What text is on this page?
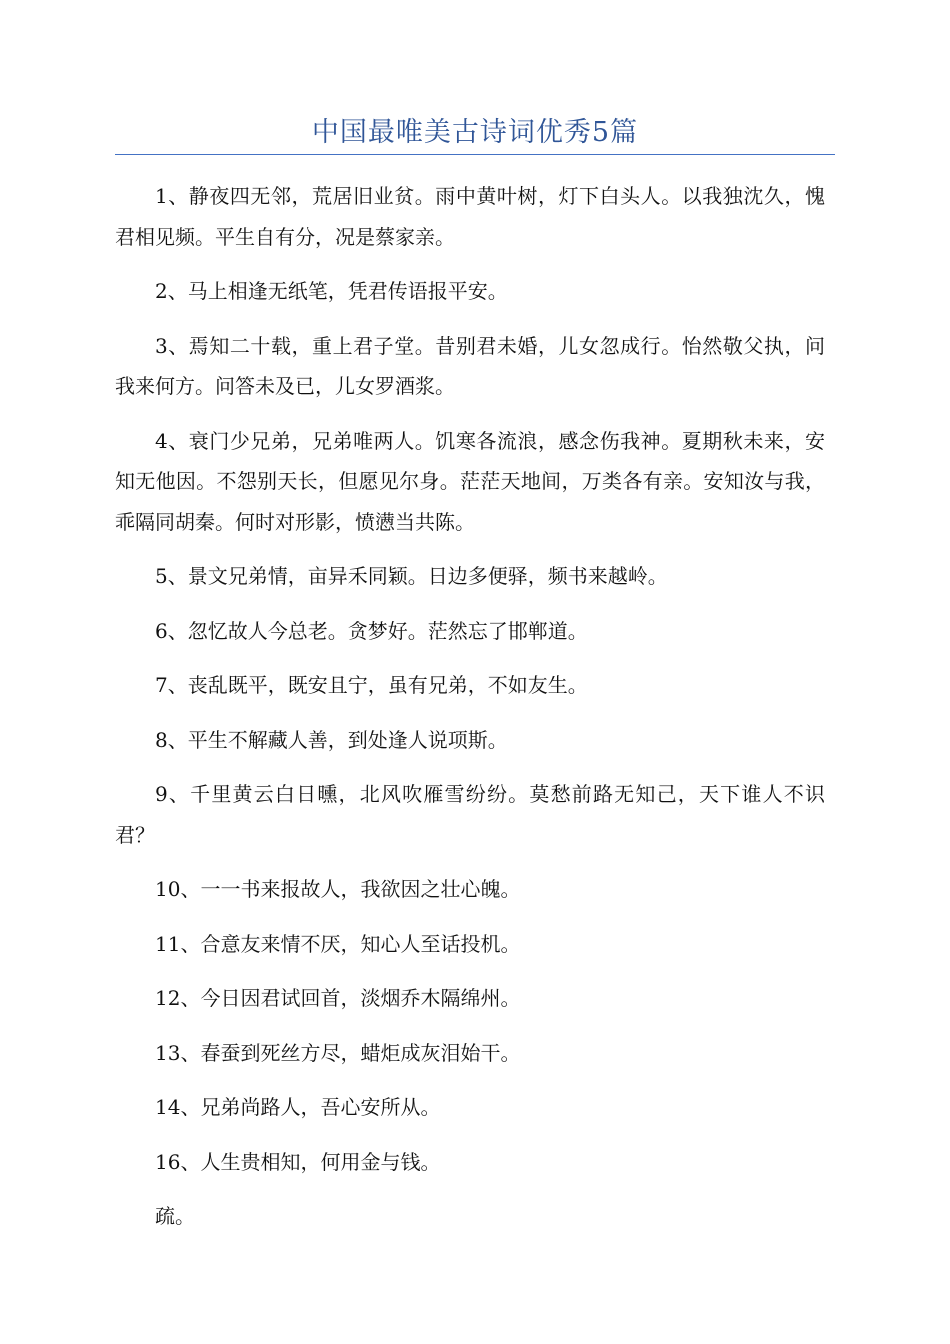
中国最唯美古诗词优秀5篇

1、静夜四无邻，荒居旧业贫。雨中黄叶树，灯下白头人。以我独沈久，愧君相见频。平生自有分，况是蔡家亲。

2、马上相逢无纸笔，凭君传语报平安。

3、焉知二十载，重上君子堂。昔别君未婚，儿女忽成行。怡然敬父执，问我来何方。问答未及已，儿女罗酒浆。

4、衰门少兄弟，兄弟唯两人。饥寒各流浪，感念伤我神。夏期秋未来，安知无他因。不怨别天长，但愿见尔身。茫茫天地间，万类各有亲。安知汝与我，乖隔同胡秦。何时对形影，愤懑当共陈。

5、景文兄弟情，亩异禾同颖。日边多便驿，频书来越岭。

6、忽忆故人今总老。贪梦好。茫然忘了邯郸道。

7、丧乱既平，既安且宁，虽有兄弟，不如友生。

8、平生不解藏人善，到处逢人说项斯。

9、千里黄云白日曛，北风吹雁雪纷纷。莫愁前路无知己，天下谁人不识君？

10、一一书来报故人，我欲因之壮心魄。

11、合意友来情不厌，知心人至话投机。

12、今日因君试回首，淡烟乔木隔绵州。

13、春蚕到死丝方尽，蜡炬成灰泪始干。

14、兄弟尚路人，吾心安所从。

16、人生贵相知，何用金与钱。

疏。
